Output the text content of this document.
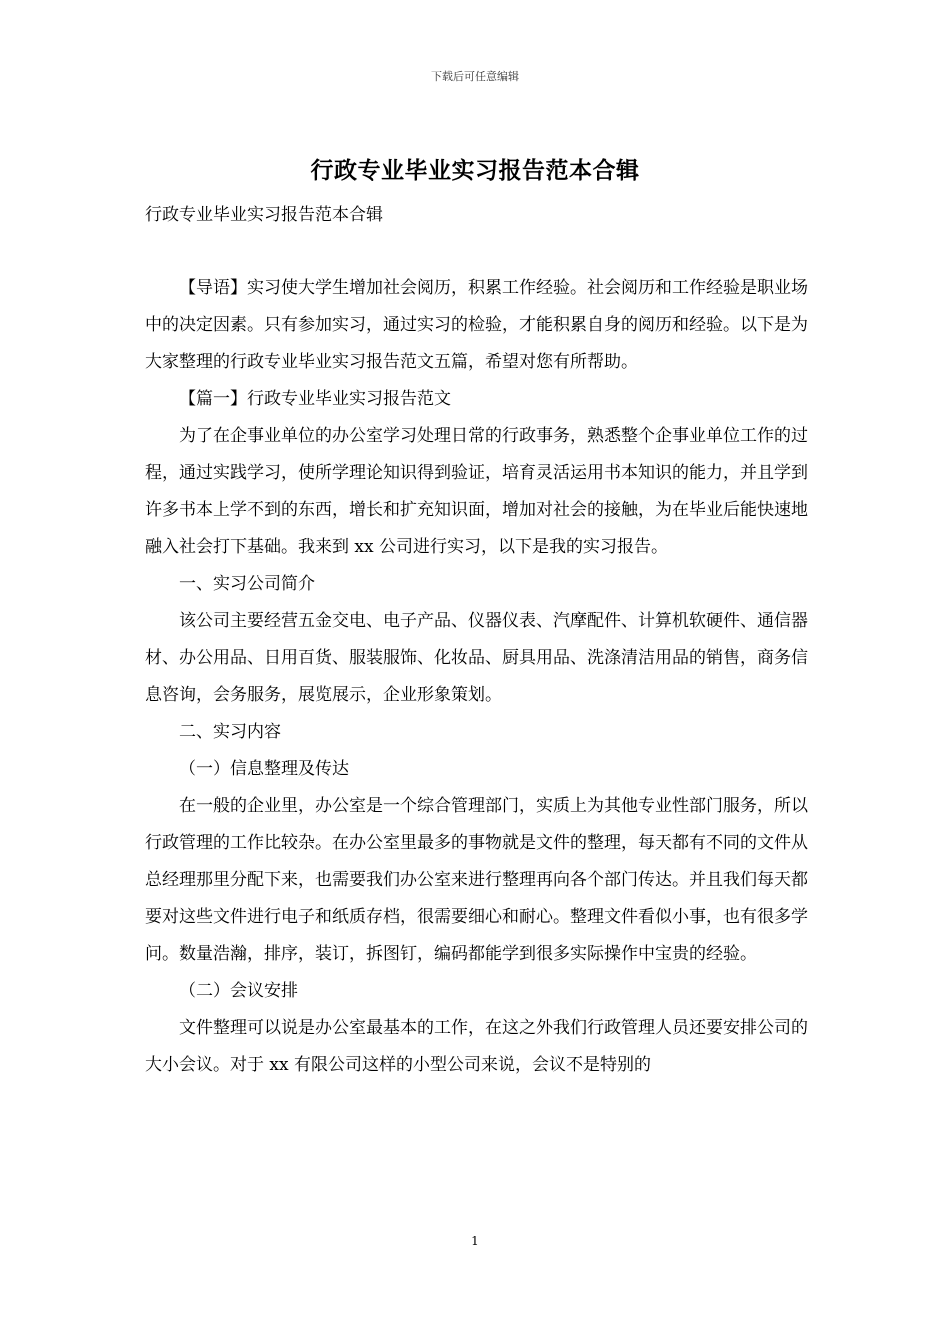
下载后可任意编辑
行政专业毕业实习报告范本合辑
行政专业毕业实习报告范本合辑

【导语】实习使大学生增加社会阅历，积累工作经验。社会阅历和工作经验是职业场中的决定因素。只有参加实习，通过实习的检验，才能积累自身的阅历和经验。以下是为大家整理的行政专业毕业实习报告范文五篇，希望对您有所帮助。

【篇一】行政专业毕业实习报告范文

为了在企事业单位的办公室学习处理日常的行政事务，熟悉整个企事业单位工作的过程，通过实践学习，使所学理论知识得到验证，培育灵活运用书本知识的能力，并且学到许多书本上学不到的东西，增长和扩充知识面，增加对社会的接触，为在毕业后能快速地融入社会打下基础。我来到 xx 公司进行实习，以下是我的实习报告。

一、实习公司简介

该公司主要经营五金交电、电子产品、仪器仪表、汽摩配件、计算机软硬件、通信器材、办公用品、日用百货、服装服饰、化妆品、厨具用品、洗涤清洁用品的销售，商务信息咨询，会务服务，展览展示，企业形象策划。

二、实习内容

（一）信息整理及传达

在一般的企业里，办公室是一个综合管理部门，实质上为其他专业性部门服务，所以行政管理的工作比较杂。在办公室里最多的事物就是文件的整理，每天都有不同的文件从总经理那里分配下来，也需要我们办公室来进行整理再向各个部门传达。并且我们每天都要对这些文件进行电子和纸质存档，很需要细心和耐心。整理文件看似小事，也有很多学问。数量浩瀚，排序，装订，拆图钉，编码都能学到很多实际操作中宝贵的经验。

（二）会议安排

文件整理可以说是办公室最基本的工作，在这之外我们行政管理人员还要安排公司的大小会议。对于 xx 有限公司这样的小型公司来说，会议不是特别的

1
